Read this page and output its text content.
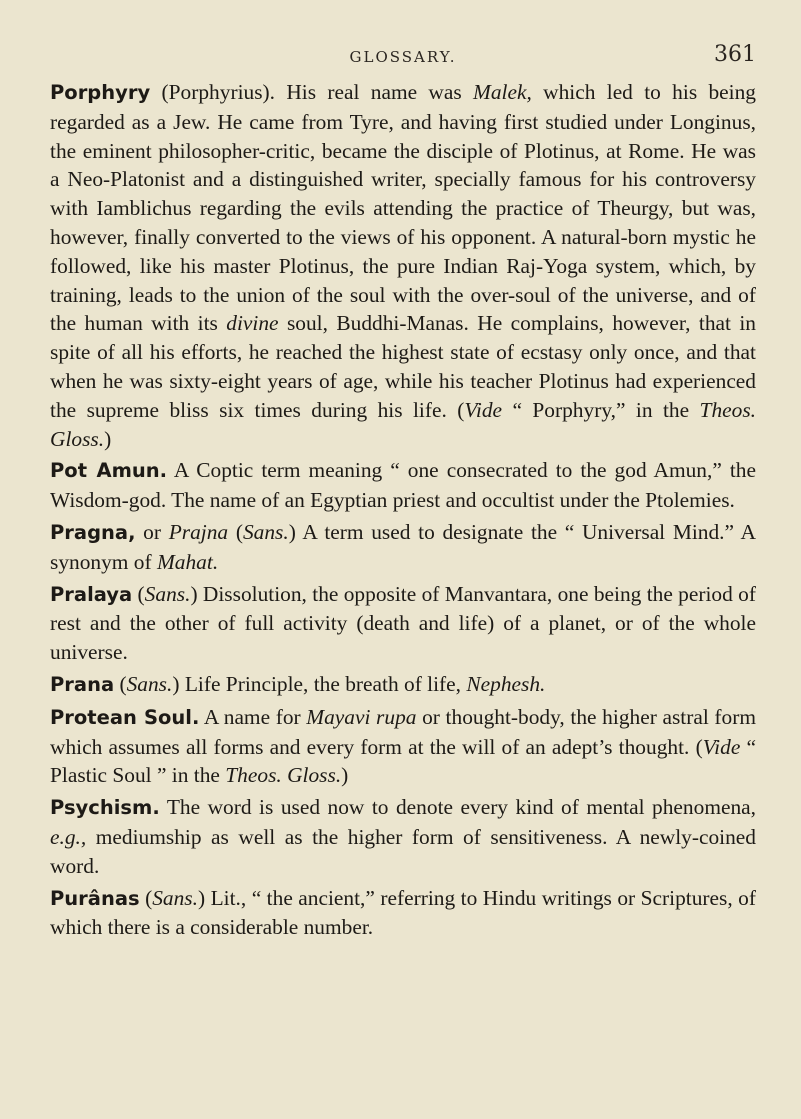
GLOSSARY.	361

Porphyry (Porphyrius). His real name was Malek, which led to his being regarded as a Jew. He came from Tyre, and having first studied under Longinus, the eminent philosopher-critic, became the disciple of Plotinus, at Rome. He was a Neo-Platonist and a distinguished writer, specially famous for his controversy with Iamblichus regarding the evils attending the practice of Theurgy, but was, however, finally converted to the views of his opponent. A natural-born mystic he followed, like his master Plotinus, the pure Indian Raj-Yoga system, which, by training, leads to the union of the soul with the over-soul of the universe, and of the human with its divine soul, Buddhi-Manas. He complains, however, that in spite of all his efforts, he reached the highest state of ecstasy only once, and that when he was sixty-eight years of age, while his teacher Plotinus had experienced the supreme bliss six times during his life. (Vide “ Porphyry,” in the Theos. Gloss.)

Pot Amun. A Coptic term meaning “ one consecrated to the god Amun,” the Wisdom-god. The name of an Egyptian priest and occultist under the Ptolemies.

Pragna, or Prajna (Sans.) A term used to designate the “ Universal Mind.” A synonym of Mahat.

Pralaya (Sans.) Dissolution, the opposite of Manvantara, one being the period of rest and the other of full activity (death and life) of a planet, or of the whole universe.

Prana (Sans.) Life Principle, the breath of life, Nephesh.

Protean Soul. A name for Mayavi rupa or thought-body, the higher astral form which assumes all forms and every form at the will of an adept’s thought. (Vide “ Plastic Soul ” in the Theos. Gloss.)

Psychism. The word is used now to denote every kind of mental phenomena, e.g., mediumship as well as the higher form of sensitiveness. A newly-coined word.

Purânas (Sans.) Lit., “ the ancient,” referring to Hindu writings or Scriptures, of which there is a considerable number.
